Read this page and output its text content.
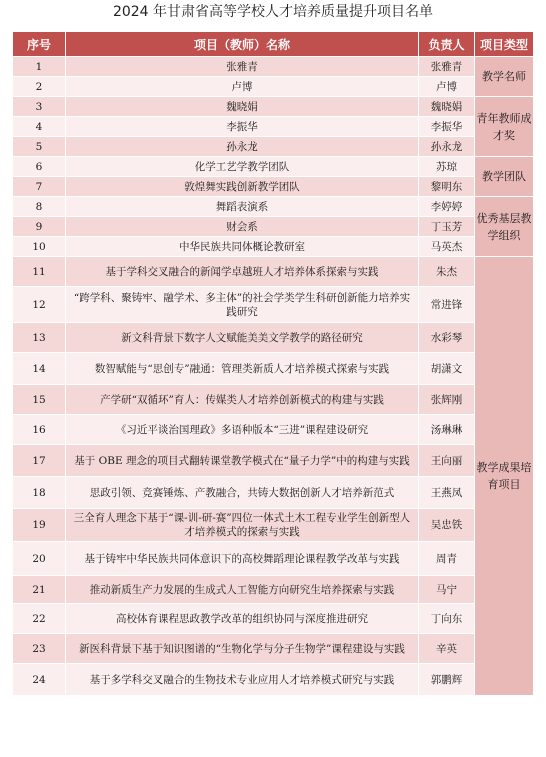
2024 年甘肃省高等学校人才培养质量提升项目名单
序号	项目（教师）名称	负责人	项目类型
1	张雅青	张雅青	教学名师
2	卢博	卢博	
3	魏晓娟	魏晓娟	青年教师成才奖
4	李振华	李振华	
5	孙永龙	孙永龙	
6	化学工艺学教学团队	苏琼	教学团队
7	敦煌舞实践创新教学团队	黎明东	
8	舞蹈表演系	李婷婷	优秀基层教学组织
9	财会系	丁玉芳	
10	中华民族共同体概论教研室	马英杰	
11	基于学科交叉融合的新闻学卓越班人才培养体系探索与实践	朱杰	教学成果培育项目
12	“跨学科、聚铸牢、融学术、多主体”的社会学类学生科研创新能力培养实践研究	常进锋	
13	新文科背景下数字人文赋能美美文学教学的路径研究	水彩琴	
14	数智赋能与“思创专”融通：管理类新质人才培养模式探索与实践	胡潇文	
15	产学研“双循环”育人：传媒类人才培养创新模式的构建与实践	张辉刚	
16	《习近平谈治国理政》多语种版本“三进”课程建设研究	汤琳琳	
17	基于 OBE 理念的项目式翻转课堂教学模式在“量子力学”中的构建与实践	王向丽	
18	思政引领、竞赛锤炼、产教融合，共铸大数据创新人才培养新范式	王燕凤	
19	三全育人理念下基于“课-训-研-赛”四位一体式土木工程专业学生创新型人才培养模式的探索与实践	吴忠铁	
20	基于铸牢中华民族共同体意识下的高校舞蹈理论课程教学改革与实践	周青	
21	推动新质生产力发展的生成式人工智能方向研究生培养探索与实践	马宁	
22	高校体育课程思政教学改革的组织协同与深度推进研究	丁向东	
23	新医科背景下基于知识图谱的“生物化学与分子生物学”课程建设与实践	辛英	
24	基于多学科交叉融合的生物技术专业应用人才培养模式研究与实践	郭鹏辉	
